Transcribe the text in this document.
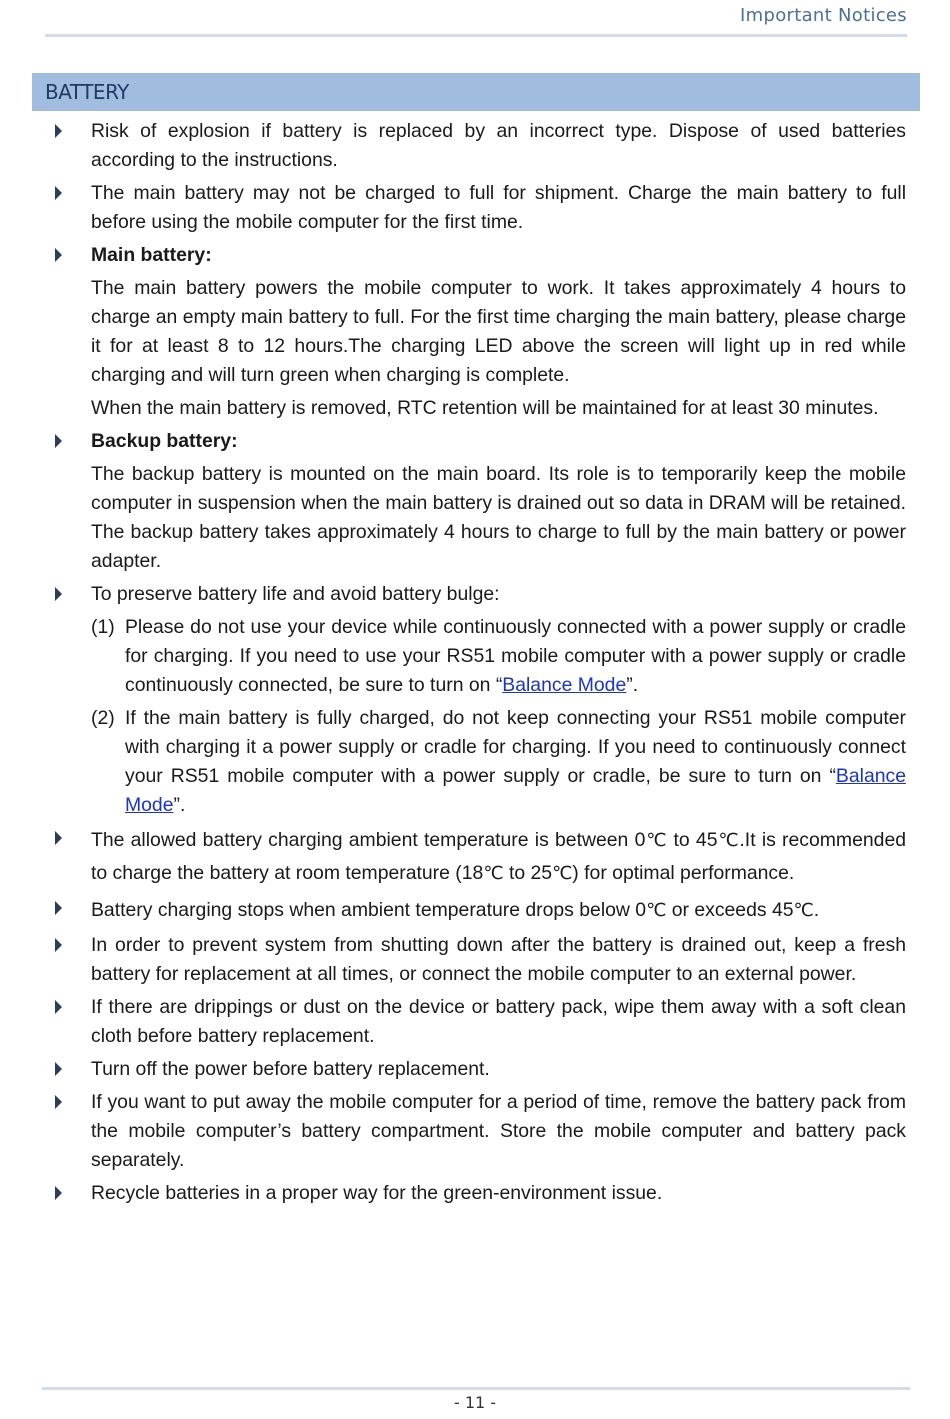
Important Notices
BATTERY

Risk of explosion if battery is replaced by an incorrect type. Dispose of used batteries according to the instructions.

The main battery may not be charged to full for shipment. Charge the main battery to full before using the mobile computer for the first time.

Main battery:

The main battery powers the mobile computer to work. It takes approximately 4 hours to charge an empty main battery to full. For the first time charging the main battery, please charge it for at least 8 to 12 hours.The charging LED above the screen will light up in red while charging and will turn green when charging is complete.

When the main battery is removed, RTC retention will be maintained for at least 30 minutes.

Backup battery:

The backup battery is mounted on the main board. Its role is to temporarily keep the mobile computer in suspension when the main battery is drained out so data in DRAM will be retained. The backup battery takes approximately 4 hours to charge to full by the main battery or power adapter.

To preserve battery life and avoid battery bulge:

(1) Please do not use your device while continuously connected with a power supply or cradle for charging. If you need to use your RS51 mobile computer with a power supply or cradle continuously connected, be sure to turn on “Balance Mode”.

(2) If the main battery is fully charged, do not keep connecting your RS51 mobile computer with charging it a power supply or cradle for charging. If you need to continuously connect your RS51 mobile computer with a power supply or cradle, be sure to turn on “Balance Mode”.

The allowed battery charging ambient temperature is between 0℃ to 45℃.It is recommended to charge the battery at room temperature (18℃ to 25℃) for optimal performance.

Battery charging stops when ambient temperature drops below 0℃ or exceeds 45℃.

In order to prevent system from shutting down after the battery is drained out, keep a fresh battery for replacement at all times, or connect the mobile computer to an external power.

If there are drippings or dust on the device or battery pack, wipe them away with a soft clean cloth before battery replacement.

Turn off the power before battery replacement.

If you want to put away the mobile computer for a period of time, remove the battery pack from the mobile computer’s battery compartment. Store the mobile computer and battery pack separately.

Recycle batteries in a proper way for the green-environment issue.

- 11 -
